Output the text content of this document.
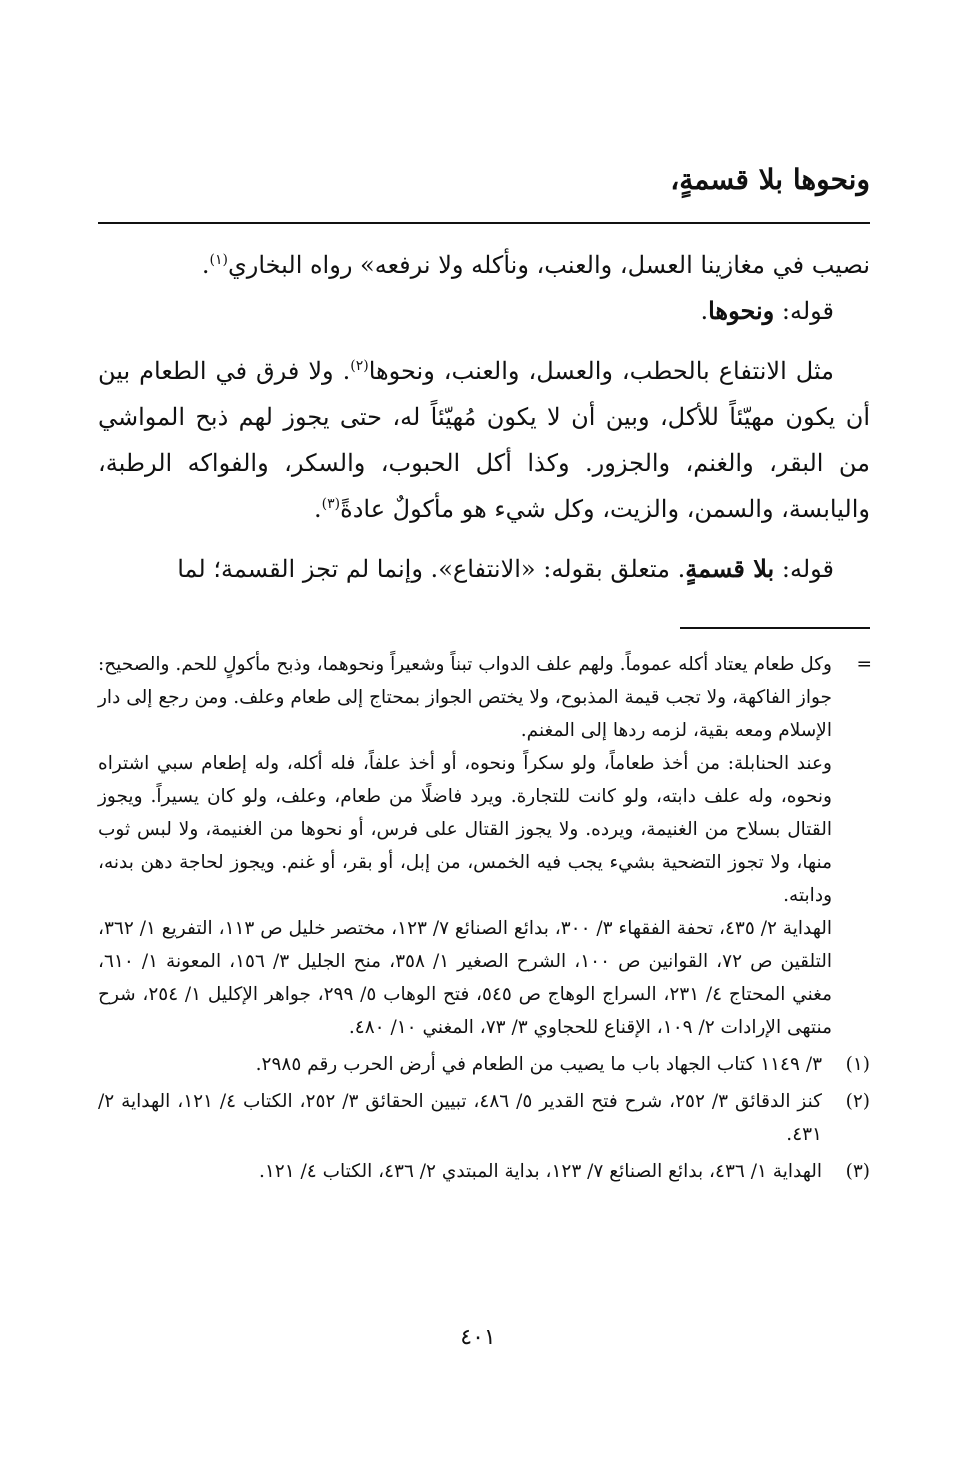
ونحوها بلا قسمةٍ،

نصيب في مغازينا العسل، والعنب، ونأكله ولا نرفعه» رواه البخاري$^{(١)}$.

قوله: ونحوها.

مثل الانتفاع بالحطب، والعسل، والعنب، ونحوها$^{(٢)}$. ولا فرق في الطعام بين أن يكون مهيّئاً للأكل، وبين أن لا يكون مُهيّئاً له، حتى يجوز لهم ذبح المواشي من البقر، والغنم، والجزور. وكذا أكل الحبوب، والسكر، والفواكه الرطبة، واليابسة، والسمن، والزيت، وكل شيء هو مأكولٌ عادةً$^{(٣)}$.

قوله: بلا قسمةٍ. متعلق بقوله: «الانتفاع». وإنما لم تجز القسمة؛ لما

=
وكل طعام يعتاد أكله عموماً. ولهم علف الدواب تبناً وشعيراً ونحوهما، وذبح مأكولٍ للحم. والصحيح: جواز الفاكهة، ولا تجب قيمة المذبوح، ولا يختص الجواز بمحتاج إلى طعام وعلف. ومن رجع إلى دار الإسلام ومعه بقية، لزمه ردها إلى المغنم.

وعند الحنابلة: من أخذ طعاماً، ولو سكراً ونحوه، أو أخذ علفاً، فله أكله، وله إطعام سبي اشتراه ونحوه، وله علف دابته، ولو كانت للتجارة. ويرد فاضلًا من طعام، وعلف، ولو كان يسيراً. ويجوز القتال بسلاح من الغنيمة، ويرده. ولا يجوز القتال على فرس، أو نحوها من الغنيمة، ولا لبس ثوب منها، ولا تجوز التضحية بشيء يجب فيه الخمس، من إبل، أو بقر، أو غنم. ويجوز لحاجة دهن بدنه، ودابته.

الهداية ٢/ ٤٣٥، تحفة الفقهاء ٣/ ٣٠٠، بدائع الصنائع ٧/ ١٢٣، مختصر خليل ص ١١٣، التفريع ١/ ٣٦٢، التلقين ص ٧٢، القوانين ص ١٠٠، الشرح الصغير ١/ ٣٥٨، منح الجليل ٣/ ١٥٦، المعونة ١/ ٦١٠، مغني المحتاج ٤/ ٢٣١، السراج الوهاج ص ٥٤٥، فتح الوهاب ٥/ ٢٩٩، جواهر الإكليل ١/ ٢٥٤، شرح منتهى الإرادات ٢/ ١٠٩، الإقناع للحجاوي ٣/ ٧٣، المغني ١٠/ ٤٨٠.

(١)
٣/ ١١٤٩ كتاب الجهاد باب ما يصيب من الطعام في أرض الحرب رقم ٢٩٨٥.

(٢)
كنز الدقائق ٣/ ٢٥٢، شرح فتح القدير ٥/ ٤٨٦، تبيين الحقائق ٣/ ٢٥٢، الكتاب ٤/ ١٢١، الهداية ٢/ ٤٣١.

(٣)
الهداية ١/ ٤٣٦، بدائع الصنائع ٧/ ١٢٣، بداية المبتدي ٢/ ٤٣٦، الكتاب ٤/ ١٢١.

٤٠١
